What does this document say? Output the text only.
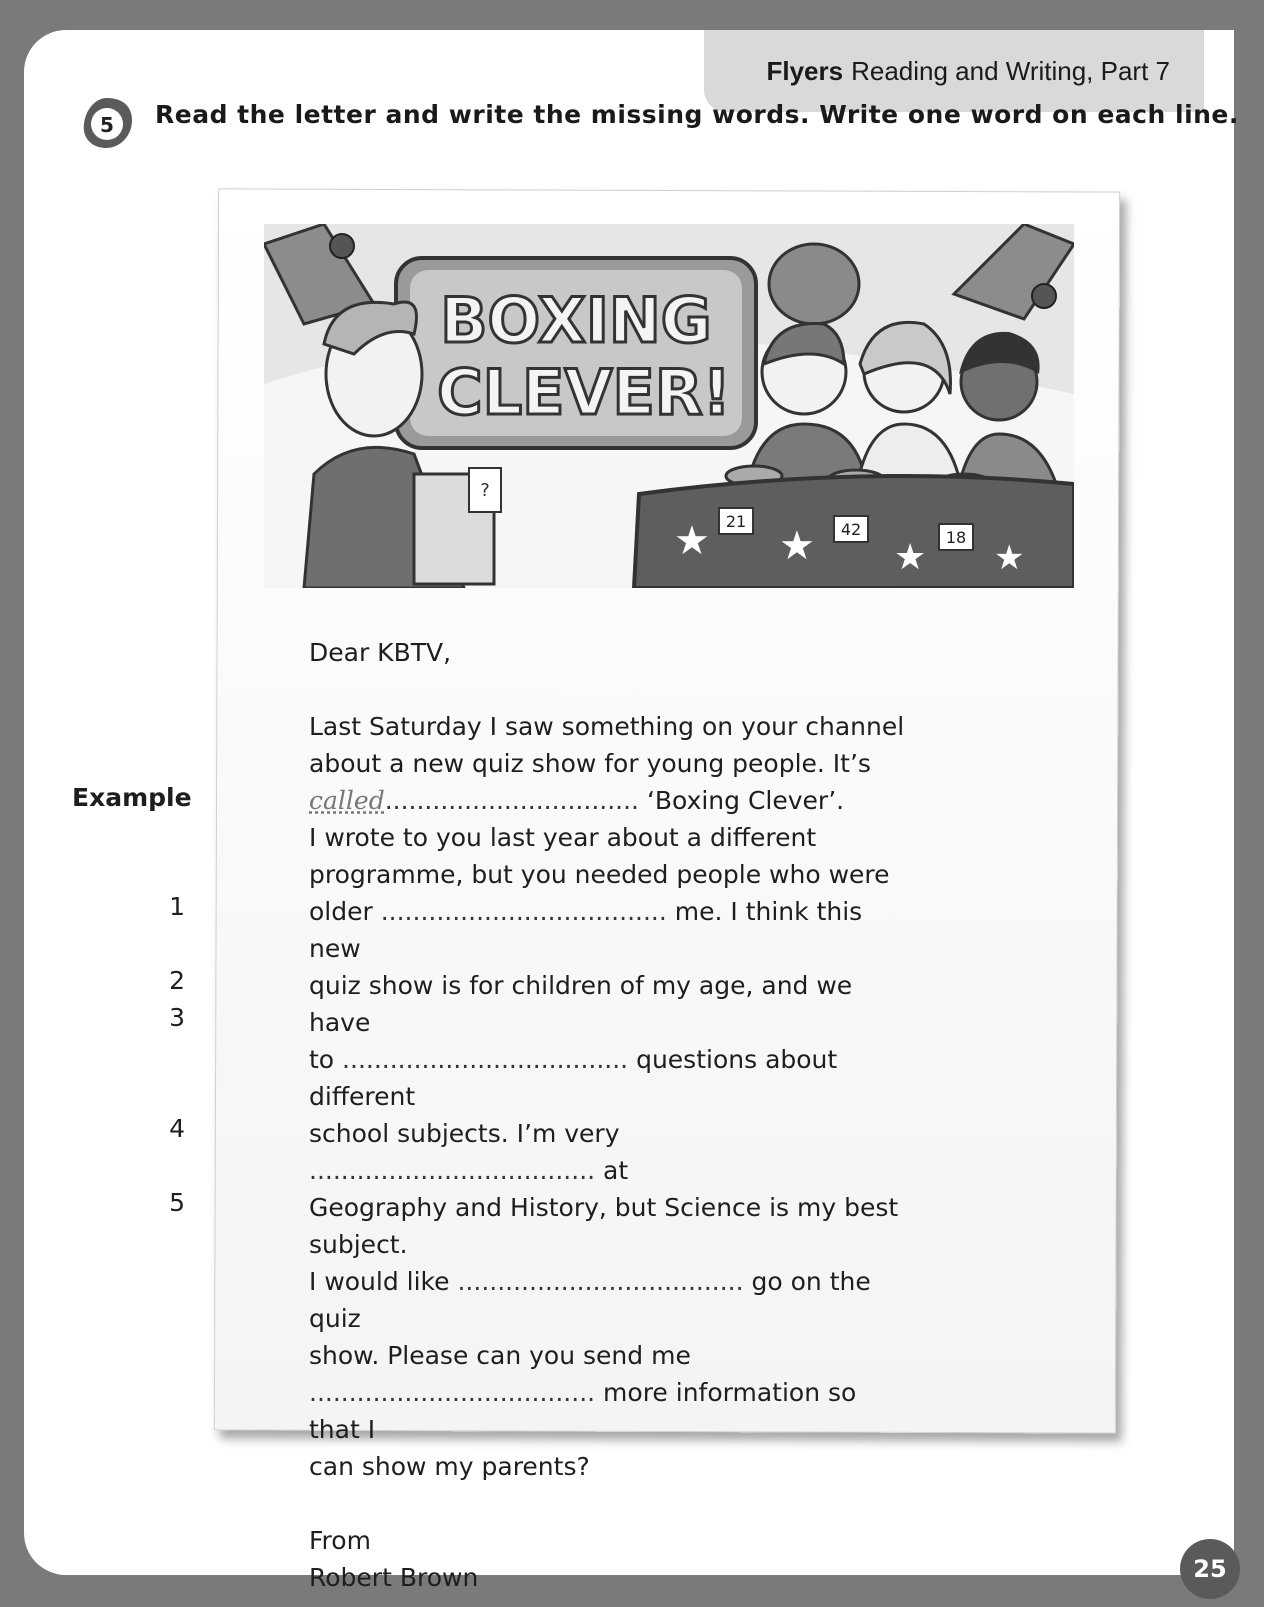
Flyers Reading and Writing, Part 7
5 Read the letter and write the missing words. Write one word on each line.
BOXING
CLEVER!
?
21	42	18
★ ★ ★ ★
Example
1
2
3
4
5

Dear KBTV,

Last Saturday I saw something on your channel

about a new quiz show for young people. It’s

called................................ ‘Boxing Clever’.

I wrote to you last year about a different

programme, but you needed people who were

older .................................... me. I think this new

quiz show is for children of my age, and we have

to .................................... questions about different

school subjects. I’m very .................................... at

Geography and History, but Science is my best

subject.

I would like .................................... go on the quiz

show. Please can you send me

.................................... more information so that I

can show my parents?

From

Robert Brown	25
